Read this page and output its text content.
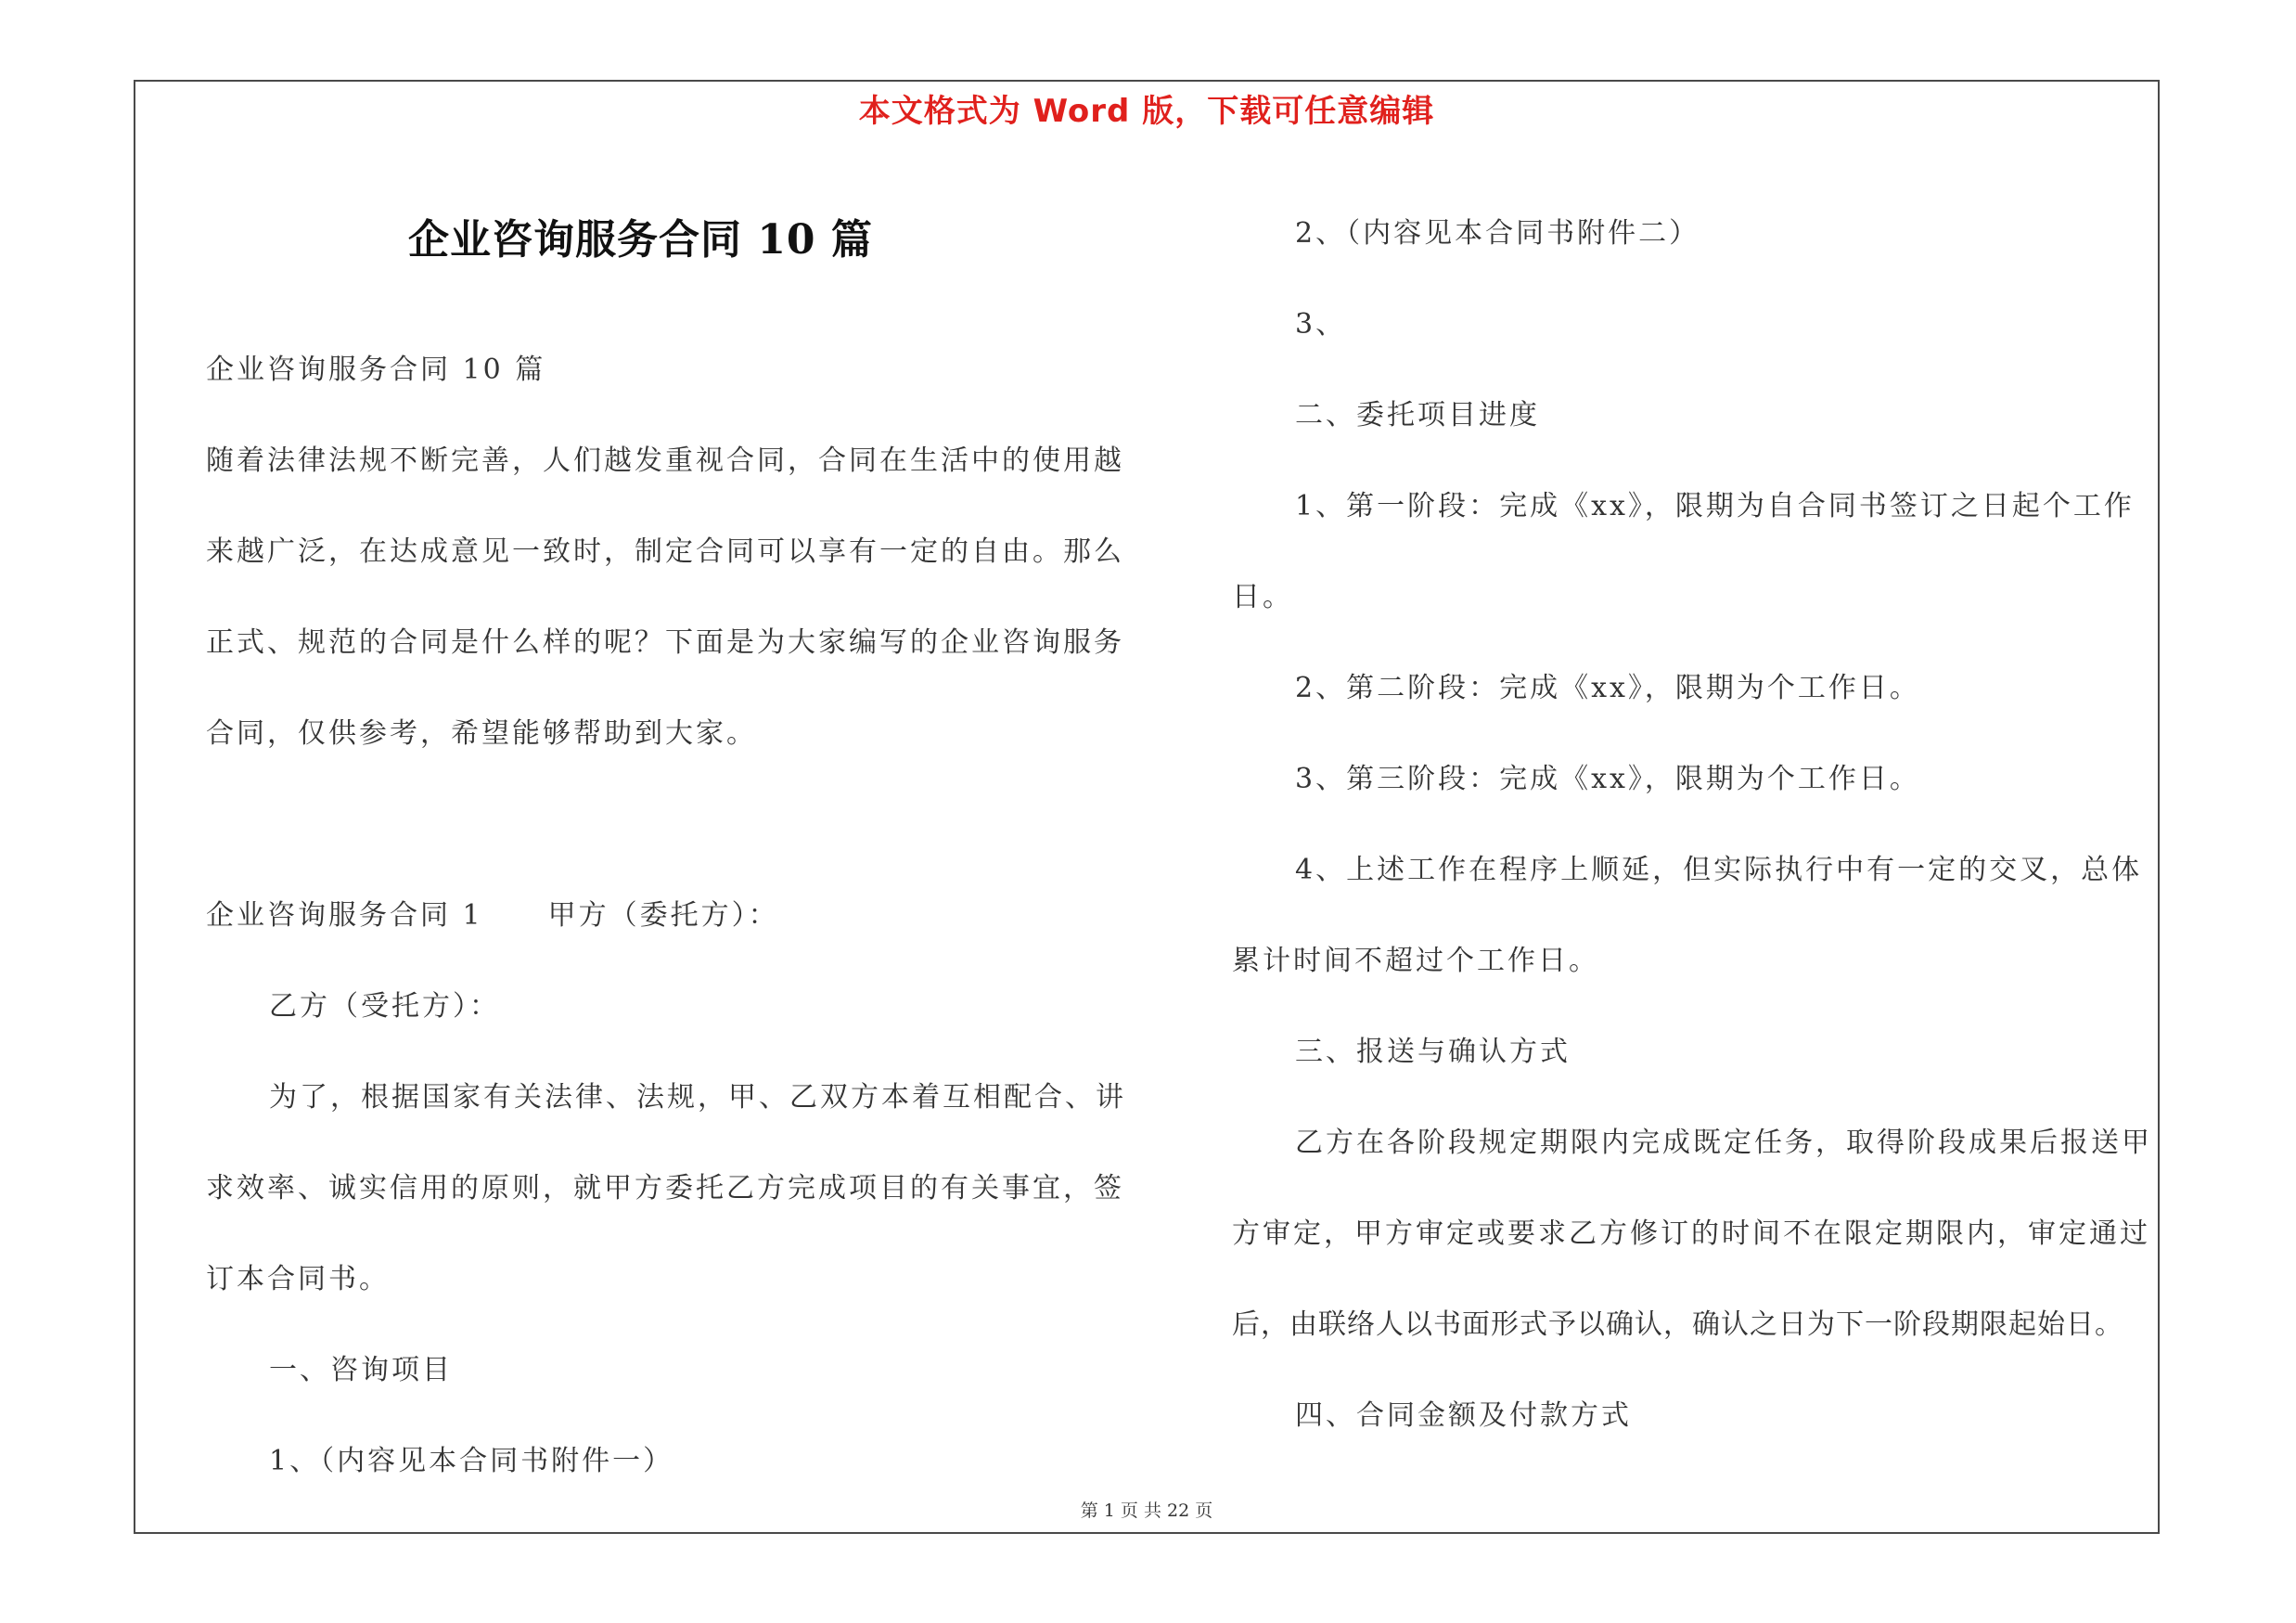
本文格式为 Word 版，下载可任意编辑
企业咨询服务合同 10 篇

企业咨询服务合同 10 篇

随着法律法规不断完善，人们越发重视合同，合同在生活中的使用越

来越广泛，在达成意见一致时，制定合同可以享有一定的自由。那么

正式、规范的合同是什么样的呢？下面是为大家编写的企业咨询服务

合同，仅供参考，希望能够帮助到大家。

企业咨询服务合同 1 甲方（委托方）：

乙方（受托方）：

为了，根据国家有关法律、法规，甲、乙双方本着互相配合、讲

求效率、诚实信用的原则，就甲方委托乙方完成项目的有关事宜，签

订本合同书。

一、咨询项目

1、（内容见本合同书附件一）

2、（内容见本合同书附件二）

3、

二、委托项目进度

1、第一阶段：完成《xx》，限期为自合同书签订之日起个工作

日。

2、第二阶段：完成《xx》，限期为个工作日。

3、第三阶段：完成《xx》，限期为个工作日。

4、上述工作在程序上顺延，但实际执行中有一定的交叉，总体

累计时间不超过个工作日。

三、报送与确认方式

乙方在各阶段规定期限内完成既定任务，取得阶段成果后报送甲

方审定，甲方审定或要求乙方修订的时间不在限定期限内，审定通过

后，由联络人以书面形式予以确认，确认之日为下一阶段期限起始日。

四、合同金额及付款方式

第 1 页 共 22 页
